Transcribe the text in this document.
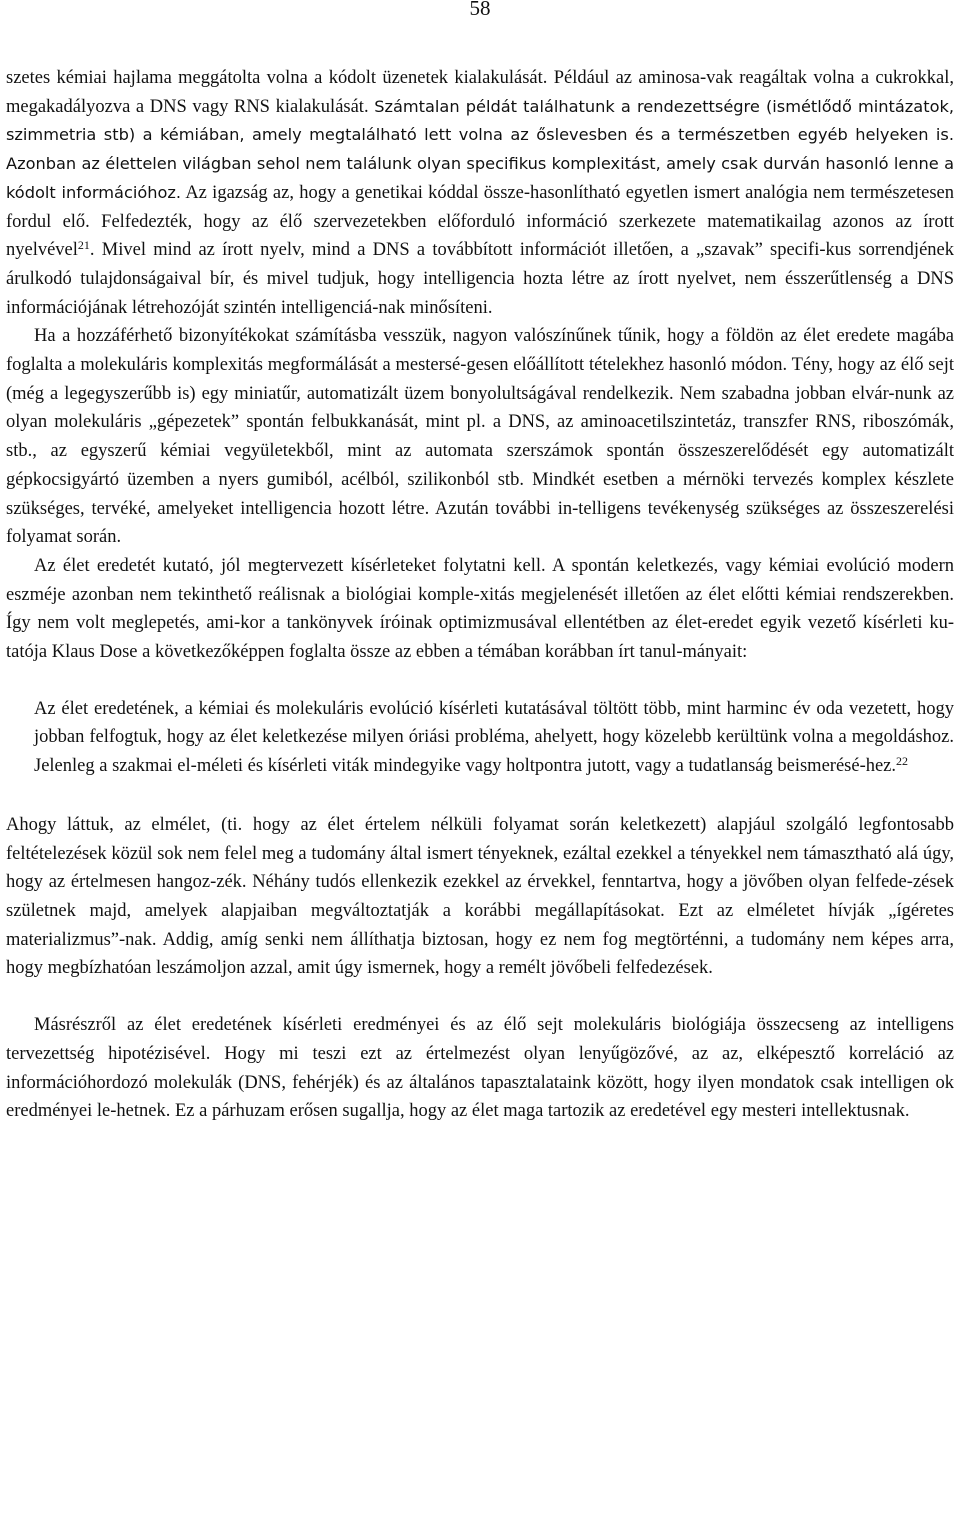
58

szetes kémiai hajlama meggátolta volna a kódolt üzenetek kialakulását. Például az aminosa-vak reagáltak volna a cukrokkal, megakadályozva a DNS vagy RNS kialakulását. Számtalan példát találhatunk a rendezettségre (ismétlődő mintázatok, szimmetria stb) a kémiában, amely megtalálható lett volna az őslevesben és a természetben egyéb helyeken is. Azonban az élettelen világban sehol nem találunk olyan specifikus komplexitást, amely csak durván hasonló lenne a kódolt információhoz. Az igazság az, hogy a genetikai kóddal össze-hasonlítható egyetlen ismert analógia nem természetesen fordul elő. Felfedezték, hogy az élő szervezetekben előforduló információ szerkezete matematikailag azonos az írott nyelvével$^{21}$. Mivel mind az írott nyelv, mind a DNS a továbbított információt illetően, a „szavak” specifi-kus sorrendjének árulkodó tulajdonságaival bír, és mivel tudjuk, hogy intelligencia hozta létre az írott nyelvet, nem ésszerűtlenség a DNS információjának létrehozóját szintén intelligenciá-nak minősíteni.

Ha a hozzáférhető bizonyítékokat számításba vesszük, nagyon valószínűnek tűnik, hogy a földön az élet eredete magába foglalta a molekuláris komplexitás megformálását a mestersé-gesen előállított tételekhez hasonló módon. Tény, hogy az élő sejt (még a legegyszerűbb is) egy miniatűr, automatizált üzem bonyolultságával rendelkezik. Nem szabadna jobban elvár-nunk az olyan molekuláris „gépezetek” spontán felbukkanását, mint pl. a DNS, az aminoacetilszintetáz, transzfer RNS, riboszómák, stb., az egyszerű kémiai vegyületekből, mint az automata szerszámok spontán összeszerelődését egy automatizált gépkocsigyártó üzemben a nyers gumiból, acélból, szilikonból stb. Mindkét esetben a mérnöki tervezés komplex készlete szükséges, tervéké, amelyeket intelligencia hozott létre. Azután további in-telligens tevékenység szükséges az összeszerelési folyamat során.

Az élet eredetét kutató, jól megtervezett kísérleteket folytatni kell. A spontán keletkezés, vagy kémiai evolúció modern eszméje azonban nem tekinthető reálisnak a biológiai komple-xitás megjelenését illetően az élet előtti kémiai rendszerekben. Így nem volt meglepetés, ami-kor a tankönyvek íróinak optimizmusával ellentétben az élet-eredet egyik vezető kísérleti ku-tatója Klaus Dose a következőképpen foglalta össze az ebben a témában korábban írt tanul-mányait:

Az élet eredetének, a kémiai és molekuláris evolúció kísérleti kutatásával töltött több, mint harminc év oda vezetett, hogy jobban felfogtuk, hogy az élet keletkezése milyen óriási probléma, ahelyett, hogy közelebb kerültünk volna a megoldáshoz. Jelenleg a szakmai el-méleti és kísérleti viták mindegyike vagy holtpontra jutott, vagy a tudatlanság beismerésé-hez.$^{22}$

Ahogy láttuk, az elmélet, (ti. hogy az élet értelem nélküli folyamat során keletkezett) alapjául szolgáló legfontosabb feltételezések közül sok nem felel meg a tudomány által ismert tényeknek, ezáltal ezekkel a tényekkel nem támasztható alá úgy, hogy az értelmesen hangoz-zék. Néhány tudós ellenkezik ezekkel az érvekkel, fenntartva, hogy a jövőben olyan felfede-zések születnek majd, amelyek alapjaiban megváltoztatják a korábbi megállapításokat. Ezt az elméletet hívják „ígéretes materializmus”-nak. Addig, amíg senki nem állíthatja biztosan, hogy ez nem fog megtörténni, a tudomány nem képes arra, hogy megbízhatóan leszámoljon azzal, amit úgy ismernek, hogy a remélt jövőbeli felfedezések.

Másrészről az élet eredetének kísérleti eredményei és az élő sejt molekuláris biológiája összecseng az intelligens tervezettség hipotézisével. Hogy mi teszi ezt az értelmezést olyan lenyűgözővé, az az, elképesztő korreláció az információhordozó molekulák (DNS, fehérjék) és az általános tapasztalataink között, hogy ilyen mondatok csak intelligen ok eredményei le-hetnek. Ez a párhuzam erősen sugallja, hogy az élet maga tartozik az eredetével egy mesteri intellektusnak.
